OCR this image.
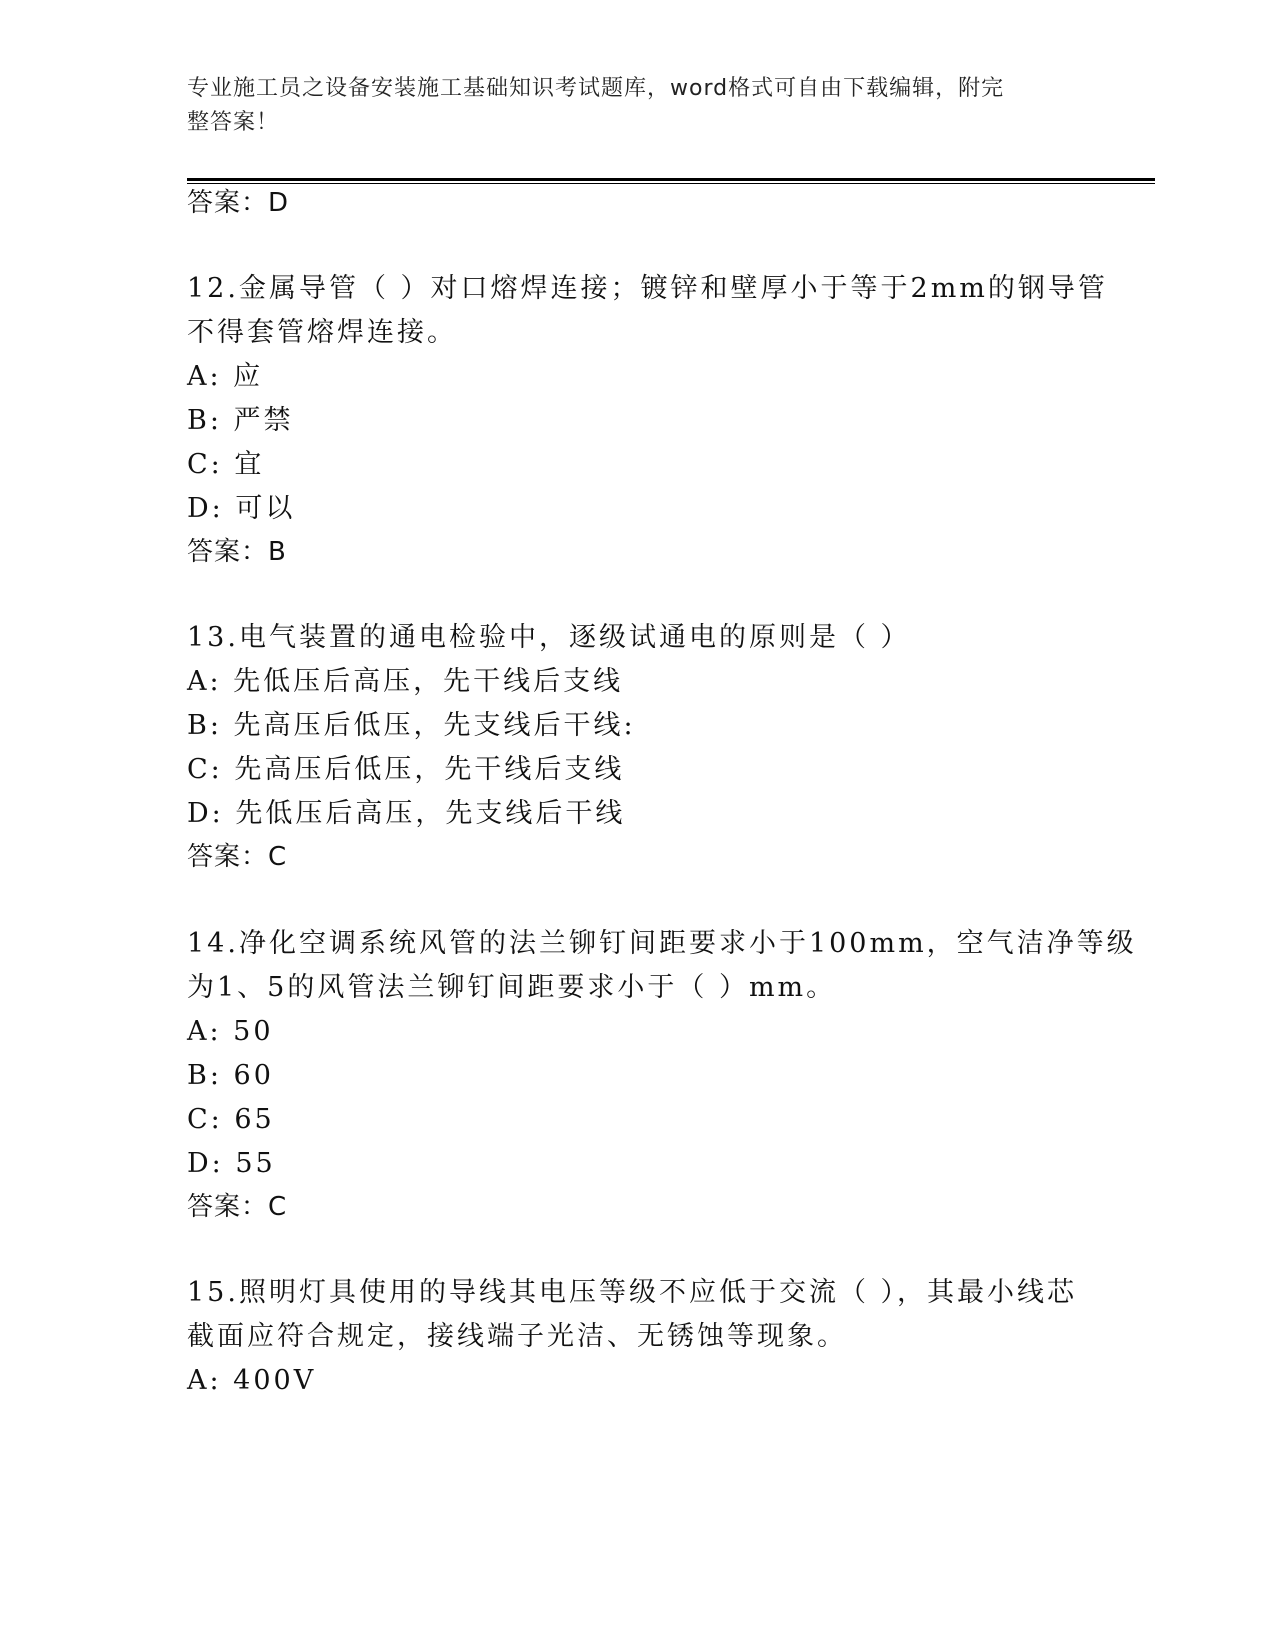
专业施工员之设备安装施工基础知识考试题库，word格式可自由下载编辑，附完
整答案！
答案：D
12.金属导管（ ）对口熔焊连接；镀锌和壁厚小于等于2mm的钢导管
不得套管熔焊连接。
A: 应
B: 严禁
C: 宜
D: 可以
答案：B
13.电气装置的通电检验中，逐级试通电的原则是（ ）
A: 先低压后高压，先干线后支线
B: 先高压后低压，先支线后干线:
C: 先高压后低压，先干线后支线
D: 先低压后高压，先支线后干线
答案：C
14.净化空调系统风管的法兰铆钉间距要求小于100mm，空气洁净等级
为1、5的风管法兰铆钉间距要求小于（ ）mm。
A: 50
B: 60
C: 65
D: 55
答案：C
15.照明灯具使用的导线其电压等级不应低于交流（ ），其最小线芯
截面应符合规定，接线端子光洁、无锈蚀等现象。
A: 400V
